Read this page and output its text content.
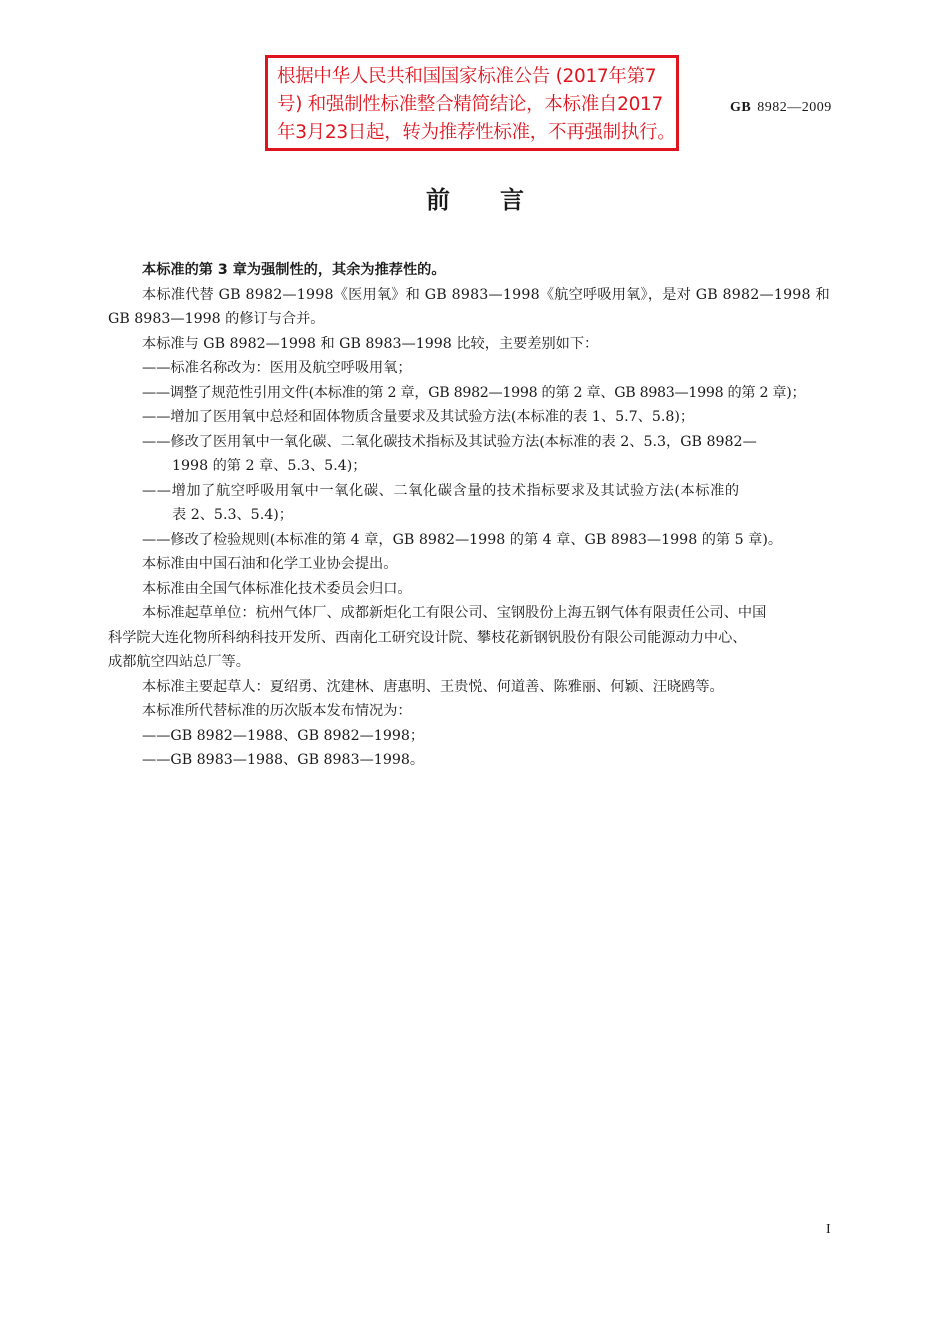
根据中华人民共和国国家标准公告 (2017年第7
号) 和强制性标准整合精简结论，本标准自2017
年3月23日起，转为推荐性标准，不再强制执行。
GB 8982—2009
前言
本标准的第 3 章为强制性的，其余为推荐性的。
本标准代替 GB 8982—1998《医用氧》和 GB 8983—1998《航空呼吸用氧》，是对 GB 8982—1998 和
GB 8983—1998 的修订与合并。
本标准与 GB 8982—1998 和 GB 8983—1998 比较，主要差别如下：
——标准名称改为：医用及航空呼吸用氧；
——调整了规范性引用文件(本标准的第 2 章，GB 8982—1998 的第 2 章、GB 8983—1998 的第 2 章)；
——增加了医用氧中总烃和固体物质含量要求及其试验方法(本标准的表 1、5.7、5.8)；
——修改了医用氧中一氧化碳、二氧化碳技术指标及其试验方法(本标准的表 2、5.3，GB 8982—
1998 的第 2 章、5.3、5.4)；
——增加了航空呼吸用氧中一氧化碳、二氧化碳含量的技术指标要求及其试验方法(本标准的
表 2、5.3、5.4)；
——修改了检验规则(本标准的第 4 章，GB 8982—1998 的第 4 章、GB 8983—1998 的第 5 章)。
本标准由中国石油和化学工业协会提出。
本标准由全国气体标准化技术委员会归口。
本标准起草单位：杭州气体厂、成都新炬化工有限公司、宝钢股份上海五钢气体有限责任公司、中国
科学院大连化物所科纳科技开发所、西南化工研究设计院、攀枝花新钢钒股份有限公司能源动力中心、
成都航空四站总厂等。
本标准主要起草人：夏绍勇、沈建林、唐惠明、王贵悦、何道善、陈雅丽、何颖、汪晓鸥等。
本标准所代替标准的历次版本发布情况为：
——GB 8982—1988、GB 8982—1998；
——GB 8983—1988、GB 8983—1998。
I
